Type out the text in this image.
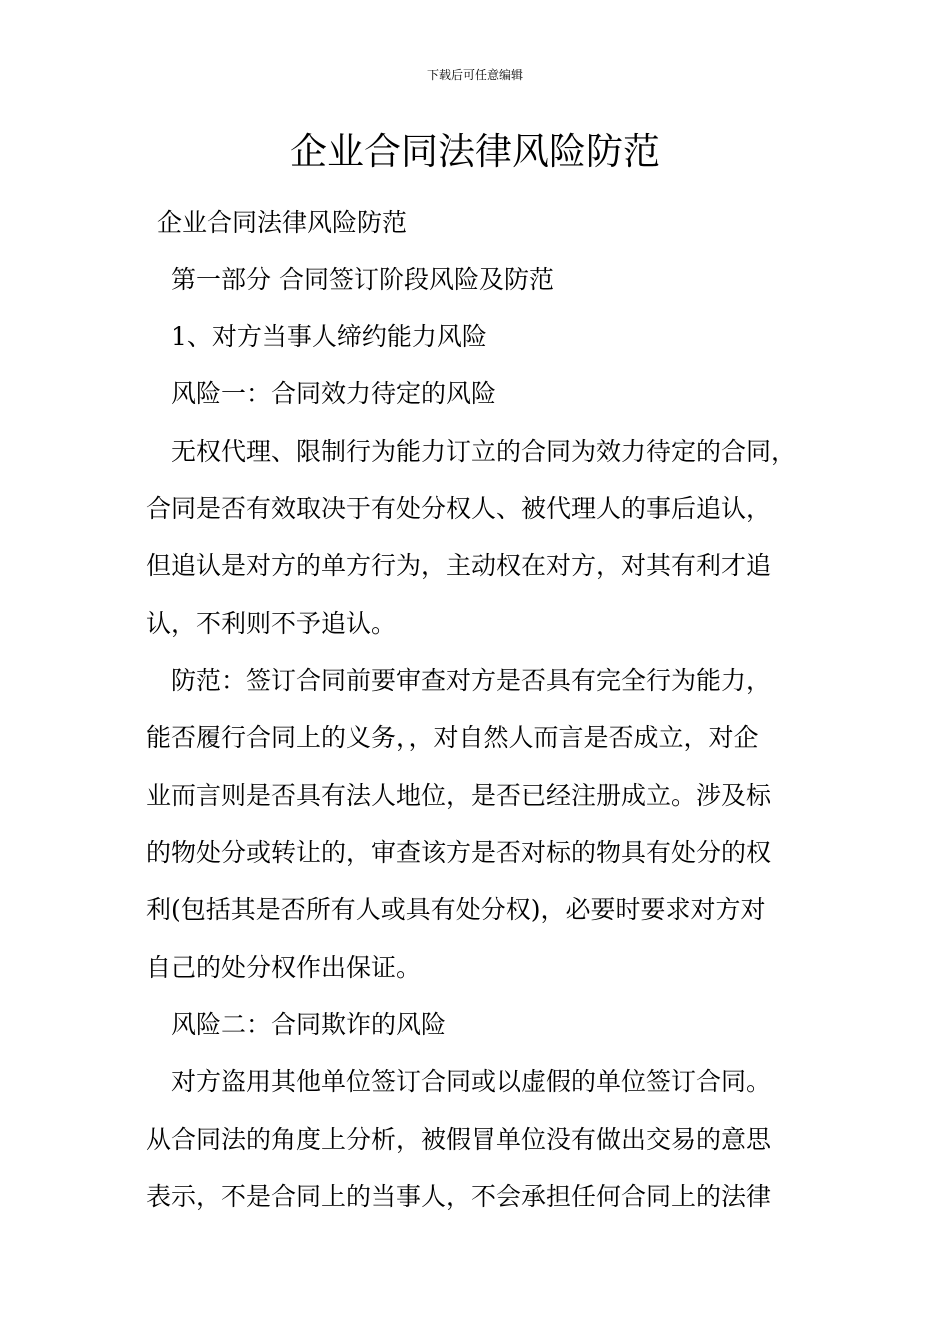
下载后可任意编辑
企业合同法律风险防范
企业合同法律风险防范
第一部分 合同签订阶段风险及防范
1、对方当事人缔约能力风险
风险一：合同效力待定的风险
无权代理、限制行为能力订立的合同为效力待定的合同，
合同是否有效取决于有处分权人、被代理人的事后追认，
但追认是对方的单方行为，主动权在对方，对其有利才追
认，不利则不予追认。
防范：签订合同前要审查对方是否具有完全行为能力，
能否履行合同上的义务，，对自然人而言是否成立，对企
业而言则是否具有法人地位，是否已经注册成立。涉及标
的物处分或转让的，审查该方是否对标的物具有处分的权
利(包括其是否所有人或具有处分权)，必要时要求对方对
自己的处分权作出保证。
风险二：合同欺诈的风险
对方盗用其他单位签订合同或以虚假的单位签订合同。
从合同法的角度上分析，被假冒单位没有做出交易的意思
表示，不是合同上的当事人，不会承担任何合同上的法律
